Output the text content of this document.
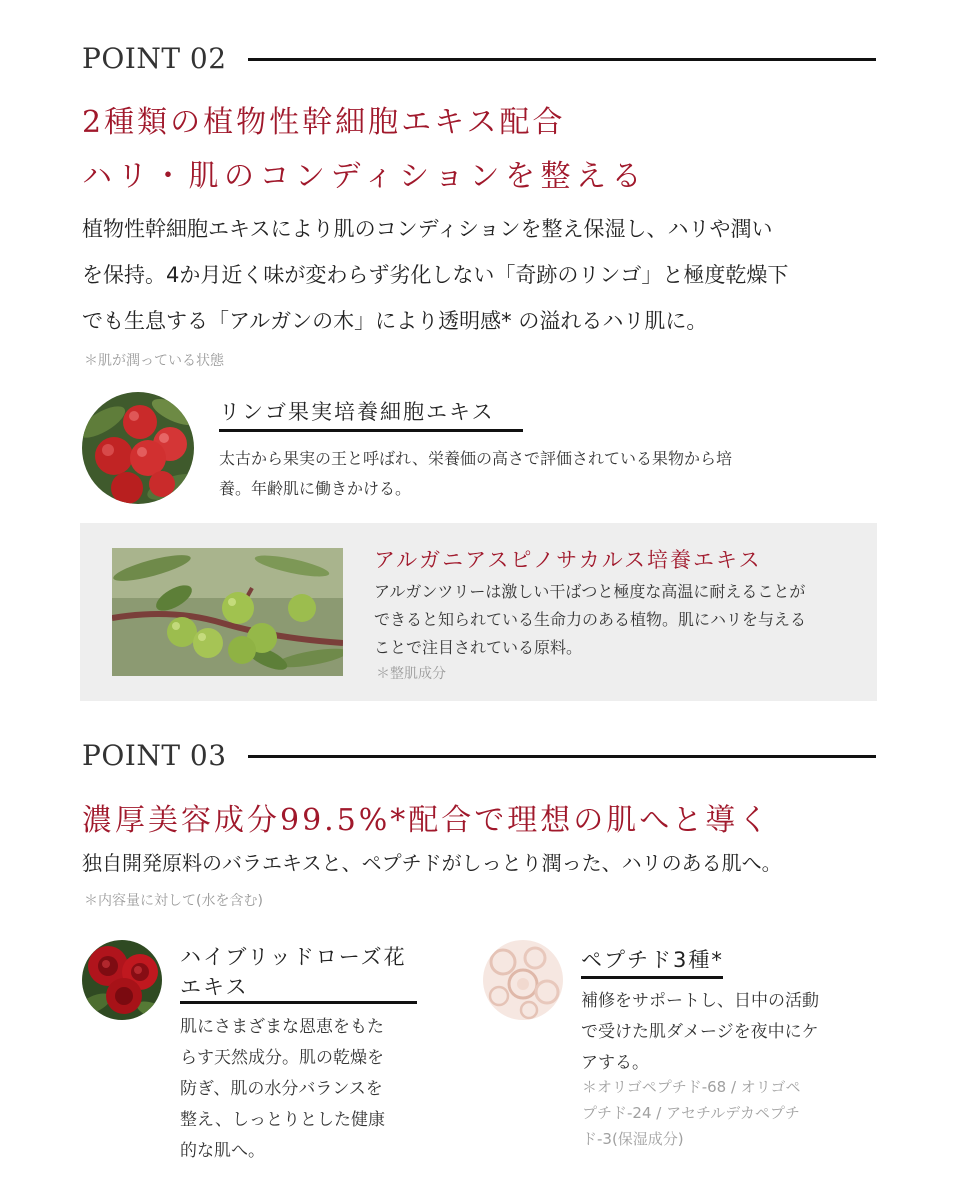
POINT 02
2種類の植物性幹細胞エキス配合
ハリ・肌のコンディションを整える
植物性幹細胞エキスにより肌のコンディションを整え保湿し、ハリや潤い
を保持。4か月近く味が変わらず劣化しない「奇跡のリンゴ」と極度乾燥下
でも生息する「アルガンの木」により透明感* の溢れるハリ肌に。
＊肌が潤っている状態
リンゴ果実培養細胞エキス
太古から果実の王と呼ばれ、栄養価の高さで評価されている果物から培
養。年齢肌に働きかける。
アルガニアスピノサカルス培養エキス
アルガンツリーは激しい干ばつと極度な高温に耐えることが
できると知られている生命力のある植物。肌にハリを与える
ことで注目されている原料。
＊整肌成分
POINT 03
濃厚美容成分99.5%*配合で理想の肌へと導く
独自開発原料のバラエキスと、ペプチドがしっとり潤った、ハリのある肌へ。
＊内容量に対して(水を含む)
ハイブリッドローズ花
エキス
肌にさまざまな恩恵をもた
らす天然成分。肌の乾燥を
防ぎ、肌の水分バランスを
整え、しっとりとした健康
的な肌へ。
ペプチド3種*
補修をサポートし、日中の活動
で受けた肌ダメージを夜中にケ
アする。
＊オリゴペプチド-68 / オリゴペ
プチド-24 / アセチルデカペプチ
ド-3(保湿成分)
